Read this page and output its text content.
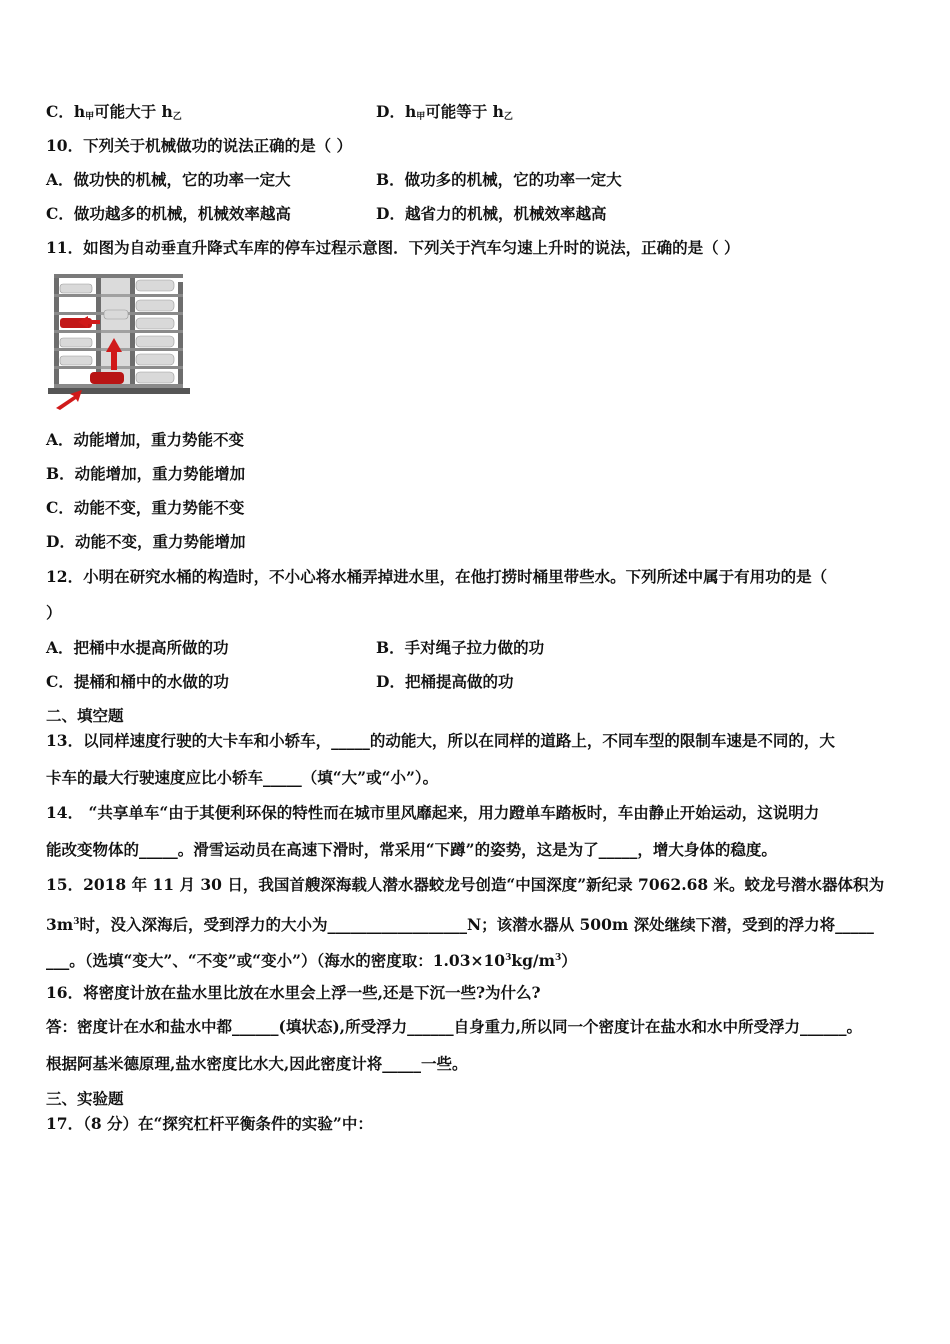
C．$h_甲$可能大于 $h_乙$	D．$h_甲$可能等于 $h_乙$
10．下列关于机械做功的说法正确的是（ ）
A．做功快的机械，它的功率一定大	B．做功多的机械，它的功率一定大
C．做功越多的机械，机械效率越高	D．越省力的机械，机械效率越高
11．如图为自动垂直升降式车库的停车过程示意图．下列关于汽车匀速上升时的说法，正确的是（ ）
A．动能增加，重力势能不变
B．动能增加，重力势能增加
C．动能不变，重力势能不变
D．动能不变，重力势能增加
12．小明在研究水桶的构造时，不小心将水桶弄掉进水里，在他打捞时桶里带些水。下列所述中属于有用功的是（
）
A．把桶中水提高所做的功	B．手对绳子拉力做的功
C．提桶和桶中的水做的功	D．把桶提高做的功
二、填空题
13．以同样速度行驶的大卡车和小轿车，_____的动能大，所以在同样的道路上，不同车型的限制车速是不同的，大
卡车的最大行驶速度应比小轿车_____（填“大”或“小”）。
14． “共享单车“由于其便利环保的特性而在城市里风靡起来，用力蹬单车踏板时，车由静止开始运动，这说明力
能改变物体的_____。滑雪运动员在高速下滑时，常采用“下蹲”的姿势，这是为了_____，增大身体的稳度。
15．2018 年 11 月 30 日，我国首艘深海载人潜水器蛟龙号创造“中国深度”新纪录 7062.68 米。蛟龙号潜水器体积为
$3m^3$时，没入深海后，受到浮力的大小为__________________N；该潜水器从 500m 深处继续下潜，受到的浮力将_____
___。（选填“变大”、“不变”或“变小”）（海水的密度取：$1.03\times 10^3kg/m^3$）
16．将密度计放在盐水里比放在水里会上浮一些,还是下沉一些?为什么?
答：密度计在水和盐水中都______(填状态),所受浮力______自身重力,所以同一个密度计在盐水和水中所受浮力______。
根据阿基米德原理,盐水密度比水大,因此密度计将_____一些。
三、实验题
17．（8 分）在“探究杠杆平衡条件的实验”中：
